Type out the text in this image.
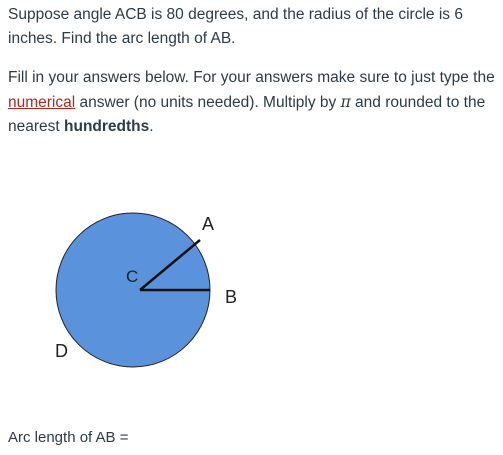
Suppose angle ACB is 80 degrees, and the radius of the circle is 6 inches. Find the arc length of AB.

Fill in your answers below. For your answers make sure to just type the numerical answer (no units needed). Multiply by π and rounded to the nearest hundredths.

C
A
B
D
Arc length of AB =
